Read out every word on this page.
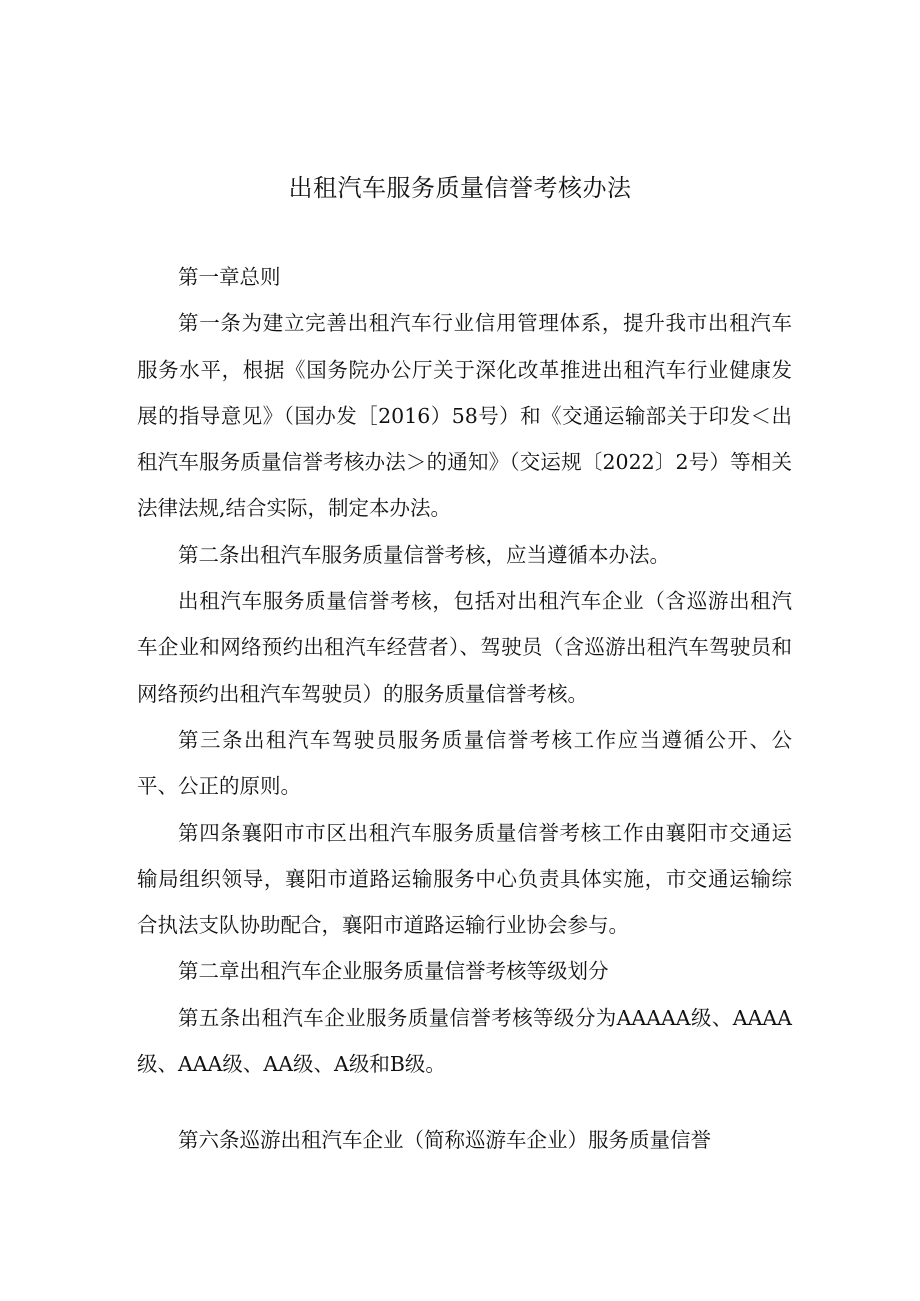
出租汽车服务质量信誉考核办法

第一章总则

第一条为建立完善出租汽车行业信用管理体系，提升我市出租汽车服务水平，根据《国务院办公厅关于深化改革推进出租汽车行业健康发展的指导意见》（国办发［2016）58号）和《交通运输部关于印发＜出租汽车服务质量信誉考核办法＞的通知》（交运规〔2022〕2号）等相关法律法规,结合实际，制定本办法。

第二条出租汽车服务质量信誉考核，应当遵循本办法。

出租汽车服务质量信誉考核，包括对出租汽车企业（含巡游出租汽车企业和网络预约出租汽车经营者）、驾驶员（含巡游出租汽车驾驶员和网络预约出租汽车驾驶员）的服务质量信誉考核。

第三条出租汽车驾驶员服务质量信誉考核工作应当遵循公开、公平、公正的原则。

第四条襄阳市市区出租汽车服务质量信誉考核工作由襄阳市交通运输局组织领导，襄阳市道路运输服务中心负责具体实施，市交通运输综合执法支队协助配合，襄阳市道路运输行业协会参与。

第二章出租汽车企业服务质量信誉考核等级划分

第五条出租汽车企业服务质量信誉考核等级分为AAAAA级、AAAA级、AAA级、AA级、A级和B级。

第六条巡游出租汽车企业（简称巡游车企业）服务质量信誉
